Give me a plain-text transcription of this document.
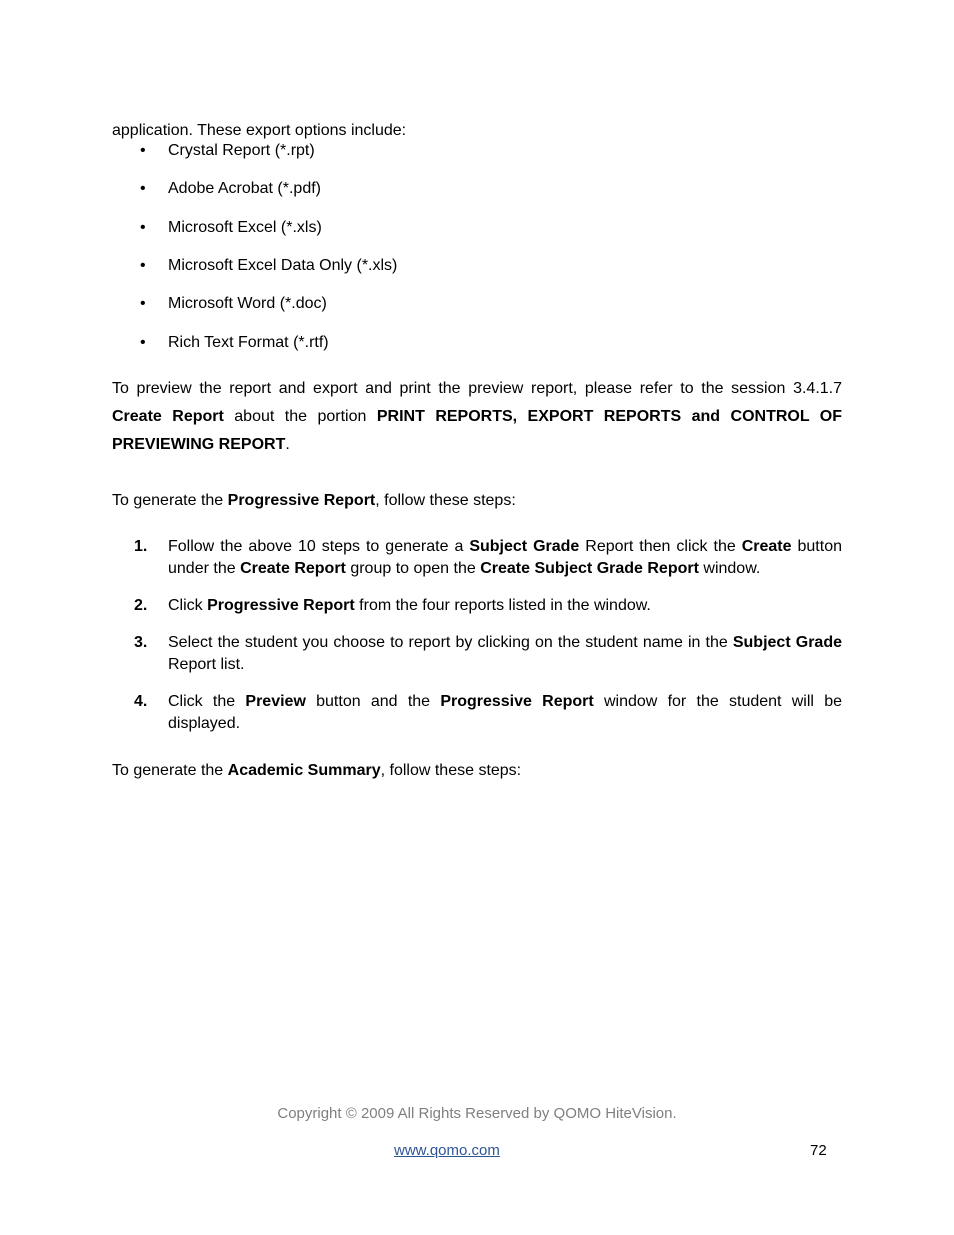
application. These export options include:
• Crystal Report (*.rpt)
• Adobe Acrobat (*.pdf)
• Microsoft Excel (*.xls)
• Microsoft Excel Data Only (*.xls)
• Microsoft Word (*.doc)
• Rich Text Format (*.rtf)
To preview the report and export and print the preview report, please refer to the session 3.4.1.7 Create Report about the portion PRINT REPORTS, EXPORT REPORTS and CONTROL OF PREVIEWING REPORT.
To generate the Progressive Report, follow these steps:
1. Follow the above 10 steps to generate a Subject Grade Report then click the Create button under the Create Report group to open the Create Subject Grade Report window.
2. Click Progressive Report from the four reports listed in the window.
3. Select the student you choose to report by clicking on the student name in the Subject Grade Report list.
4. Click the Preview button and the Progressive Report window for the student will be displayed.
To generate the Academic Summary, follow these steps:
Copyright © 2009 All Rights Reserved by QOMO HiteVision.
www.qomo.com	72
